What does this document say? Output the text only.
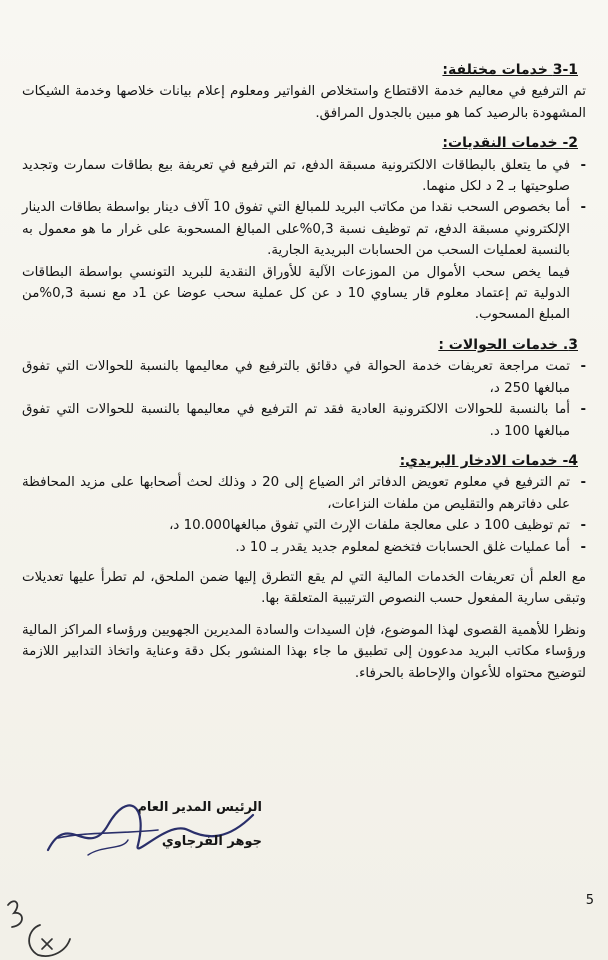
3-1 خدمات مختلفة:

تم الترفيع في معاليم خدمة الاقتطاع واستخلاص الفواتير ومعلوم إعلام بيانات خلاصها وخدمة الشيكات المشهودة بالرصيد كما هو مبين بالجدول المرافق.

2- خدمات النقديات:
- في ما يتعلق بالبطاقات الالكترونية مسبقة الدفع، تم الترفيع في تعريفة بيع بطاقات سمارت وتجديد صلوحيتها بـ 2 د لكل منهما.
- أما بخصوص السحب نقدا من مكاتب البريد للمبالغ التي تفوق 10 آلاف دينار بواسطة بطاقات الدينار الإلكتروني مسبقة الدفع، تم توظيف نسبة 0,3%على المبالغ المسحوبة على غرار ما هو معمول به بالنسبة لعمليات السحب من الحسابات البريدية الجارية.
فيما يخص سحب الأموال من الموزعات الآلية للأوراق النقدية للبريد التونسي بواسطة البطاقات الدولية تم إعتماد معلوم قار يساوي 10 د عن كل عملية سحب عوضا عن 1د مع نسبة 0,3%من المبلغ المسحوب.
3. خدمات الحوالات :
- تمت مراجعة تعريفات خدمة الحوالة في دقائق بالترفيع في معاليمها بالنسبة للحوالات التي تفوق مبالغها 250 د،
- أما بالنسبة للحوالات الالكترونية العادية فقد تم الترفيع في معاليمها بالنسبة للحوالات التي تفوق مبالغها 100 د.
4- خدمات الادخار البريدي:
- تم الترفيع في معلوم تعويض الدفاتر اثر الضياع إلى 20 د وذلك لحث أصحابها على مزيد المحافظة على دفاترهم والتقليص من ملفات النزاعات،
- تم توظيف 100 د على معالجة ملفات الإرث التي تفوق مبالغها10.000 د،
- أما عمليات غلق الحسابات فتخضع لمعلوم جديد يقدر بـ 10 د.

مع العلم أن تعريفات الخدمات المالية التي لم يقع التطرق إليها ضمن الملحق، لم تطرأ عليها تعديلات وتبقى سارية المفعول حسب النصوص الترتيبية المتعلقة بها.

ونظرا للأهمية القصوى لهذا الموضوع، فإن السيدات والسادة المديرين الجهويين ورؤساء المراكز المالية ورؤساء مكاتب البريد مدعوون إلى تطبيق ما جاء بهذا المنشور بكل دقة وعناية واتخاذ التدابير اللازمة لتوضيح محتواه للأعوان والإحاطة بالحرفاء.

الرئيس المدير العام
جوهر الفرجاوي
5
